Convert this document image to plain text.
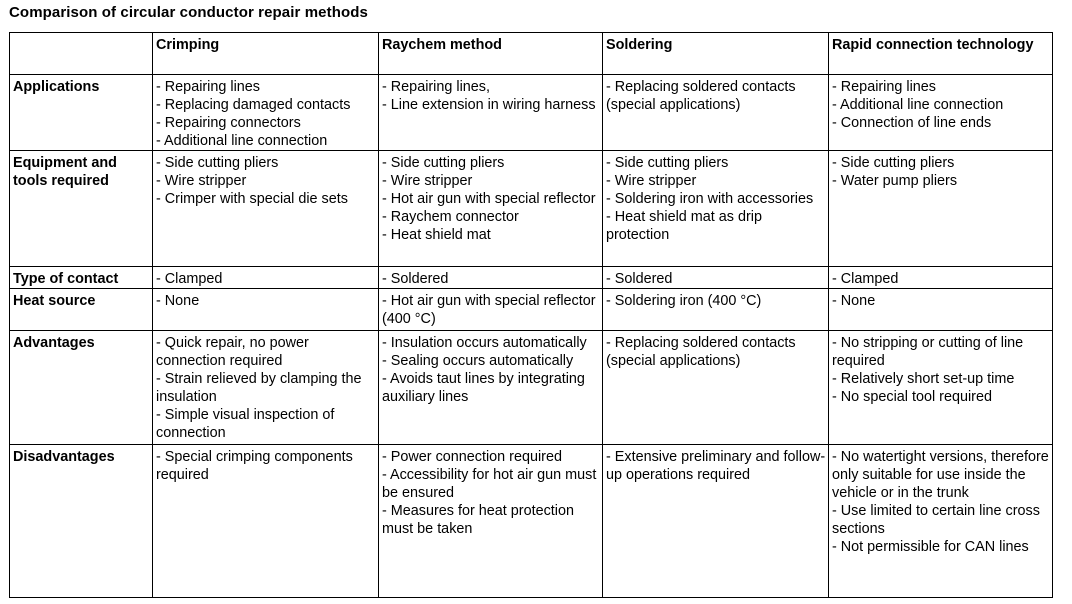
Comparison of circular conductor repair methods
	Crimping	Raychem method	Soldering	Rapid connection technology
Applications	- Repairing lines
- Replacing damaged contacts
- Repairing connectors
- Additional line connection	- Repairing lines,
- Line extension in wiring harness	- Replacing soldered contacts (special applications)	- Repairing lines
- Additional line connection
- Connection of line ends
Equipment and tools required	- Side cutting pliers
- Wire stripper
- Crimper with special die sets	- Side cutting pliers
- Wire stripper
- Hot air gun with special reflector
- Raychem connector
- Heat shield mat	- Side cutting pliers
- Wire stripper
- Soldering iron with accessories
- Heat shield mat as drip protection	- Side cutting pliers
- Water pump pliers
Type of contact	- Clamped	- Soldered	- Soldered	- Clamped
Heat source	- None	- Hot air gun with special reflector (400 °C)	- Soldering iron (400 °C)	- None
Advantages	- Quick repair, no power connection required
- Strain relieved by clamping the insulation
- Simple visual inspection of connection	- Insulation occurs automatically
- Sealing occurs automatically
- Avoids taut lines by integrating auxiliary lines	- Replacing soldered contacts (special applications)	- No stripping or cutting of line required
- Relatively short set-up time
- No special tool required
Disadvantages	- Special crimping components required	- Power connection required
- Accessibility for hot air gun must be ensured
- Measures for heat protection must be taken	- Extensive preliminary and follow-up operations required	- No watertight versions, therefore only suitable for use inside the vehicle or in the trunk
- Use limited to certain line cross sections
- Not permissible for CAN lines
